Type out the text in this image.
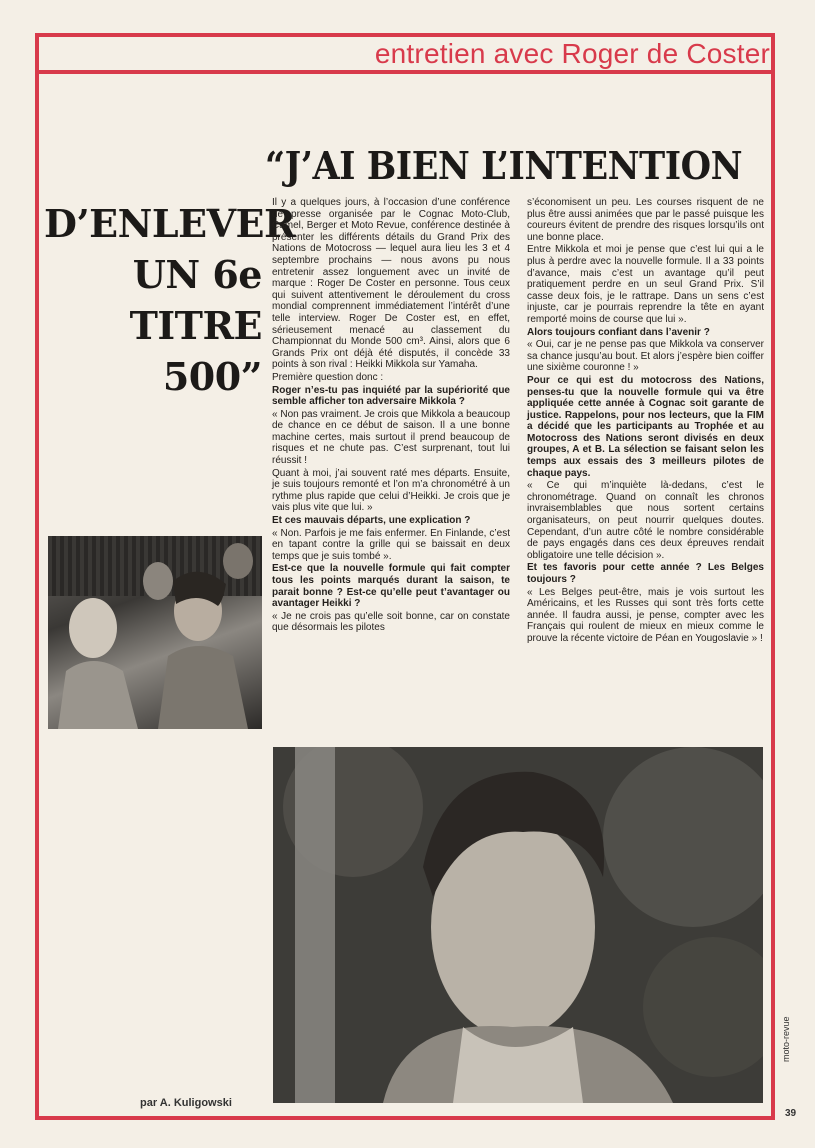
entretien avec Roger de Coster
“J’AI BIEN L’INTENTION
D’ENLEVER
UN 6e
TITRE
500”

Il y a quelques jours, à l’occasion d’une conférence de presse organisée par le Cognac Moto-Club, Camel, Berger et Moto Revue, conférence destinée à présenter les différents détails du Grand Prix des Nations de Motocross — lequel aura lieu les 3 et 4 septembre prochains — nous avons pu nous entretenir assez longuement avec un invité de marque : Roger De Coster en personne. Tous ceux qui suivent attentivement le déroulement du cross mondial comprennent immédiatement l’intérêt d’une telle interview. Roger De Coster est, en effet, sérieusement menacé au classement du Championnat du Monde 500 cm³. Ainsi, alors que 6 Grands Prix ont déjà été disputés, il concède 33 points à son rival : Heikki Mikkola sur Yamaha.

Première question donc :

Roger n’es-tu pas inquiété par la supériorité que semble afficher ton adversaire Mikkola ?

« Non pas vraiment. Je crois que Mikkola a beaucoup de chance en ce début de saison. Il a une bonne machine certes, mais surtout il prend beaucoup de risques et ne chute pas. C’est surprenant, tout lui réussit !

Quant à moi, j’ai souvent raté mes départs. Ensuite, je suis toujours remonté et l’on m’a chronométré à un rythme plus rapide que celui d’Heikki. Je crois que je vais plus vite que lui. »

Et ces mauvais départs, une explication ?

« Non. Parfois je me fais enfermer. En Finlande, c’est en tapant contre la grille qui se baissait en deux temps que je suis tombé ».

Est-ce que la nouvelle formule qui fait compter tous les points marqués durant la saison, te parait bonne ? Est-ce qu’elle peut t’avantager ou avantager Heikki ?

« Je ne crois pas qu’elle soit bonne, car on constate que désormais les pilotes

s’économisent un peu. Les courses risquent de ne plus être aussi animées que par le passé puisque les coureurs évitent de prendre des risques lorsqu’ils ont une bonne place.

Entre Mikkola et moi je pense que c’est lui qui a le plus à perdre avec la nouvelle formule. Il a 33 points d’avance, mais c’est un avantage qu’il peut pratiquement perdre en un seul Grand Prix. S’il casse deux fois, je le rattrape. Dans un sens c’est injuste, car je pourrais reprendre la tête en ayant remporté moins de course que lui ».

Alors toujours confiant dans l’avenir ?

« Oui, car je ne pense pas que Mikkola va conserver sa chance jusqu’au bout. Et alors j’espère bien coiffer une sixième couronne ! »

Pour ce qui est du motocross des Nations, penses-tu que la nouvelle formule qui va être appliquée cette année à Cognac soit garante de justice. Rappelons, pour nos lecteurs, que la FIM a décidé que les participants au Trophée et au Motocross des Nations seront divisés en deux groupes, A et B. La sélection se faisant selon les temps aux essais des 3 meilleurs pilotes de chaque pays.

« Ce qui m’inquiète là-dedans, c’est le chronométrage. Quand on connaît les chronos invraisemblables que nous sortent certains organisateurs, on peut nourrir quelques doutes. Cependant, d’un autre côté le nombre considérable de pays engagés dans ces deux épreuves rendait obligatoire une telle décision ».

Et tes favoris pour cette année ? Les Belges toujours ?

« Les Belges peut-être, mais je vois surtout les Américains, et les Russes qui sont très forts cette année. Il faudra aussi, je pense, compter avec les Français qui roulent de mieux en mieux comme le prouve la récente victoire de Péan en Yougoslavie » !

par A. Kuligowski
moto-revue
39
